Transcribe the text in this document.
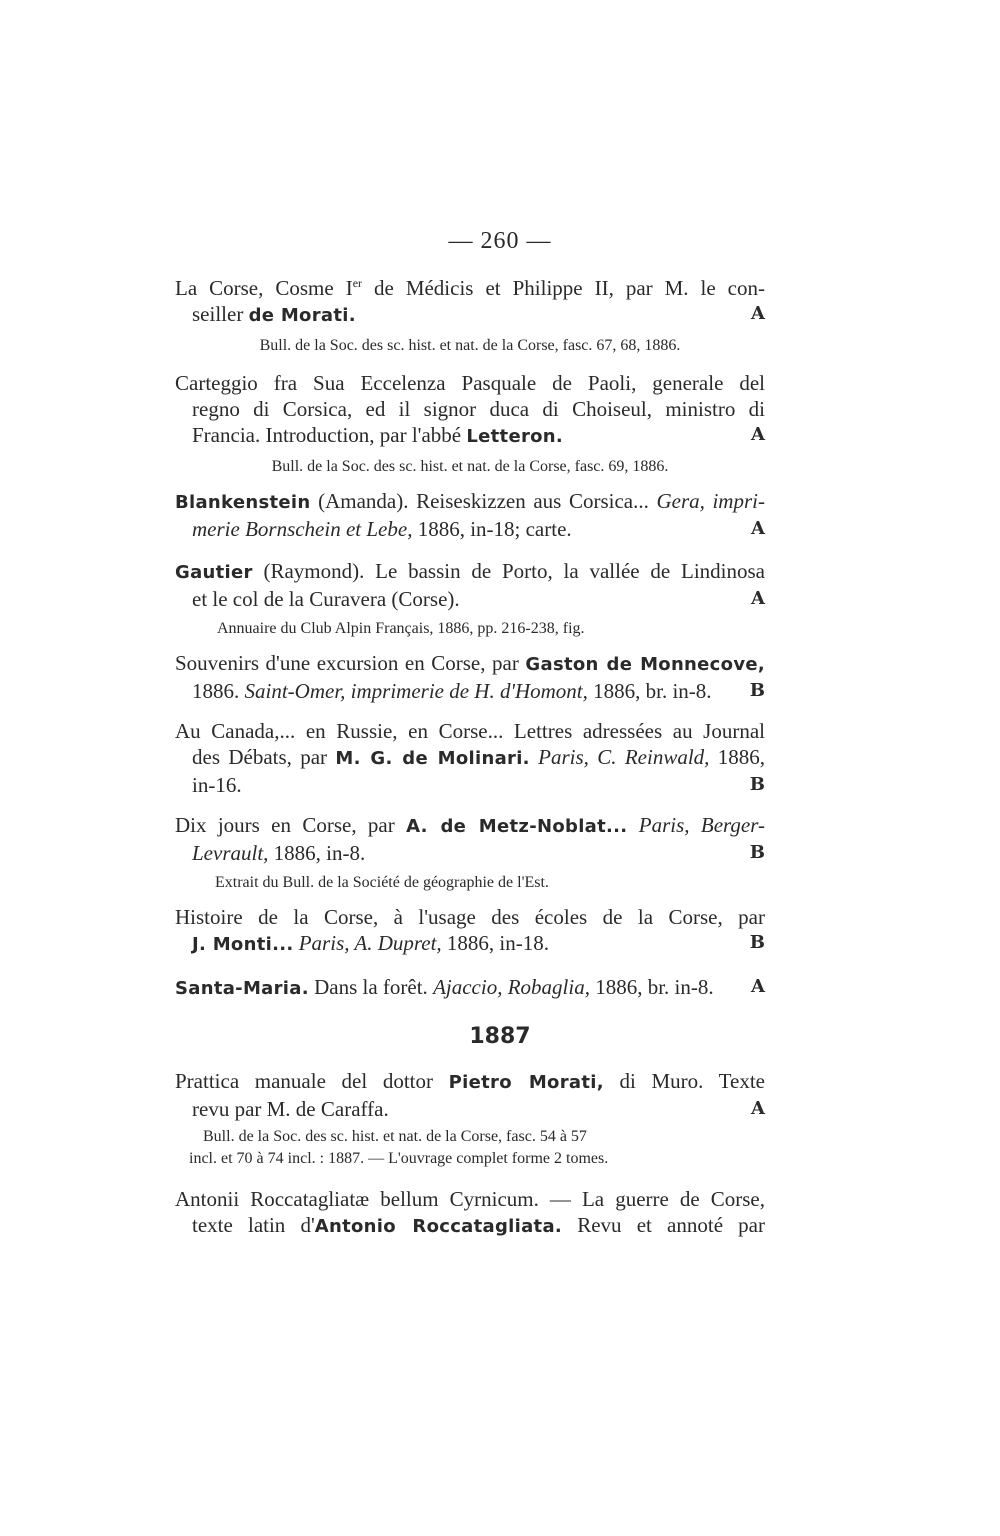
— 260 —
La Corse, Cosme Ier de Médicis et Philippe II, par M. le con-
seiller de Morati.	A
Bull. de la Soc. des sc. hist. et nat. de la Corse, fasc. 67, 68, 1886.
Carteggio fra Sua Eccelenza Pasquale de Paoli, generale del
regno di Corsica, ed il signor duca di Choiseul, ministro di
Francia. Introduction, par l'abbé Letteron.	A
Bull. de la Soc. des sc. hist. et nat. de la Corse, fasc. 69, 1886.
Blankenstein (Amanda). Reiseskizzen aus Corsica... Gera, impri-
merie Bornschein et Lebe, 1886, in-18; carte.	A
Gautier (Raymond). Le bassin de Porto, la vallée de Lindinosa
et le col de la Curavera (Corse).	A
Annuaire du Club Alpin Français, 1886, pp. 216-238, fig.
Souvenirs d'une excursion en Corse, par Gaston de Monnecove,
1886. Saint-Omer, imprimerie de H. d'Homont, 1886, br. in-8. B
Au Canada,... en Russie, en Corse... Lettres adressées au Journal
des Débats, par M. G. de Molinari. Paris, C. Reinwald, 1886,
in-16.	B
Dix jours en Corse, par A. de Metz-Noblat... Paris, Berger-
Levrault, 1886, in-8.	B
Extrait du Bull. de la Société de géographie de l'Est.
Histoire de la Corse, à l'usage des écoles de la Corse, par
J. Monti... Paris, A. Dupret, 1886, in-18.	B
Santa-Maria. Dans la forêt. Ajaccio, Robaglia, 1886, br. in-8. A
1887
Prattica manuale del dottor Pietro Morati, di Muro. Texte
revu par M. de Caraffa.	A
Bull. de la Soc. des sc. hist. et nat. de la Corse, fasc. 54 à 57
incl. et 70 à 74 incl. : 1887. — L'ouvrage complet forme 2 tomes.
Antonii Roccatagliatæ bellum Cyrnicum. — La guerre de Corse,
texte latin d'Antonio Roccatagliata. Revu et annoté par
